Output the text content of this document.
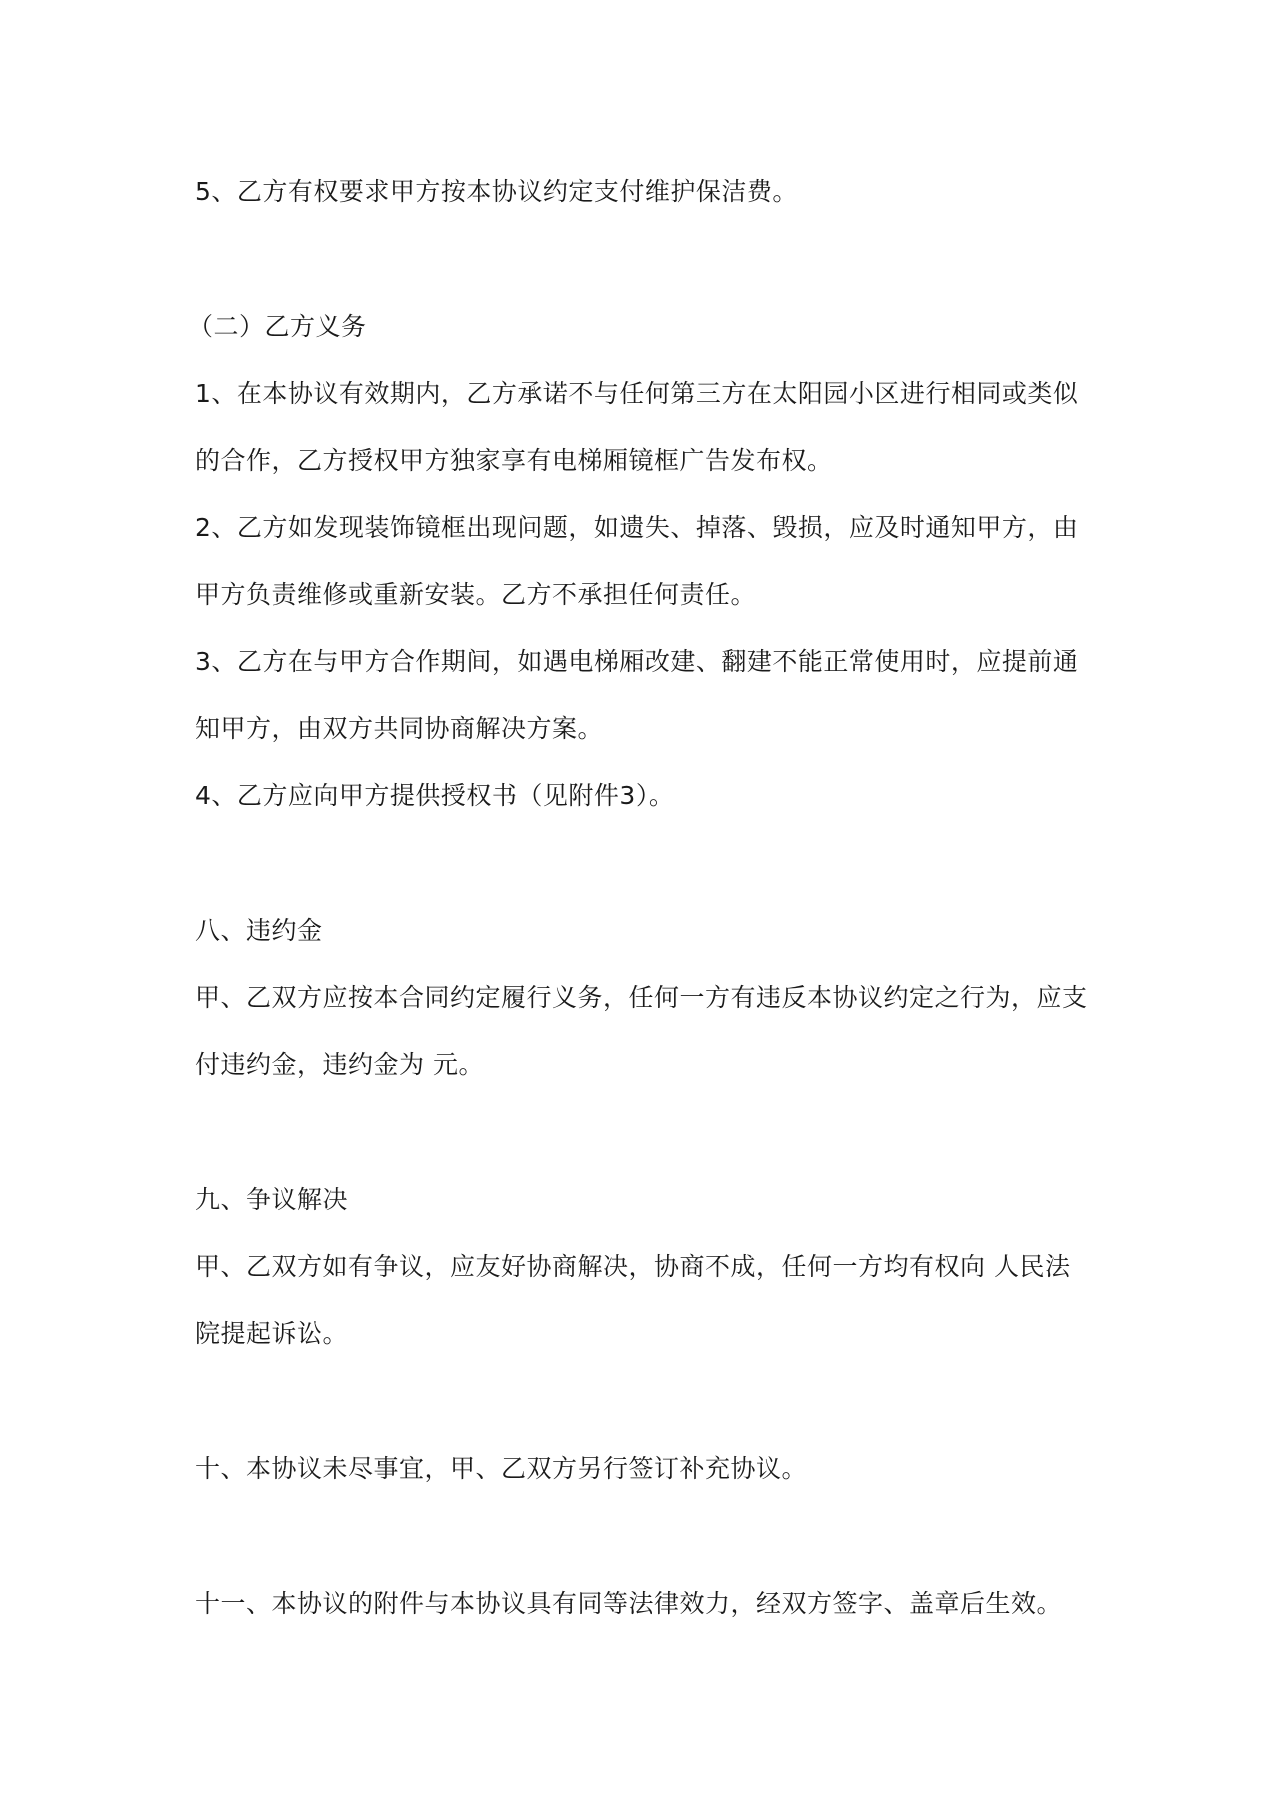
5、乙方有权要求甲方按本协议约定支付维护保洁费。
（二）乙方义务
1、在本协议有效期内，乙方承诺不与任何第三方在太阳园小区进行相同或类似
的合作，乙方授权甲方独家享有电梯厢镜框广告发布权。
2、乙方如发现装饰镜框出现问题，如遗失、掉落、毁损，应及时通知甲方，由
甲方负责维修或重新安装。乙方不承担任何责任。
3、乙方在与甲方合作期间，如遇电梯厢改建、翻建不能正常使用时，应提前通
知甲方，由双方共同协商解决方案。
4、乙方应向甲方提供授权书（见附件3）。
八、违约金
甲、乙双方应按本合同约定履行义务，任何一方有违反本协议约定之行为，应支
付违约金，违约金为 元。
九、争议解决
甲、乙双方如有争议，应友好协商解决，协商不成，任何一方均有权向 人民法
院提起诉讼。
十、本协议未尽事宜，甲、乙双方另行签订补充协议。
十一、本协议的附件与本协议具有同等法律效力，经双方签字、盖章后生效。
